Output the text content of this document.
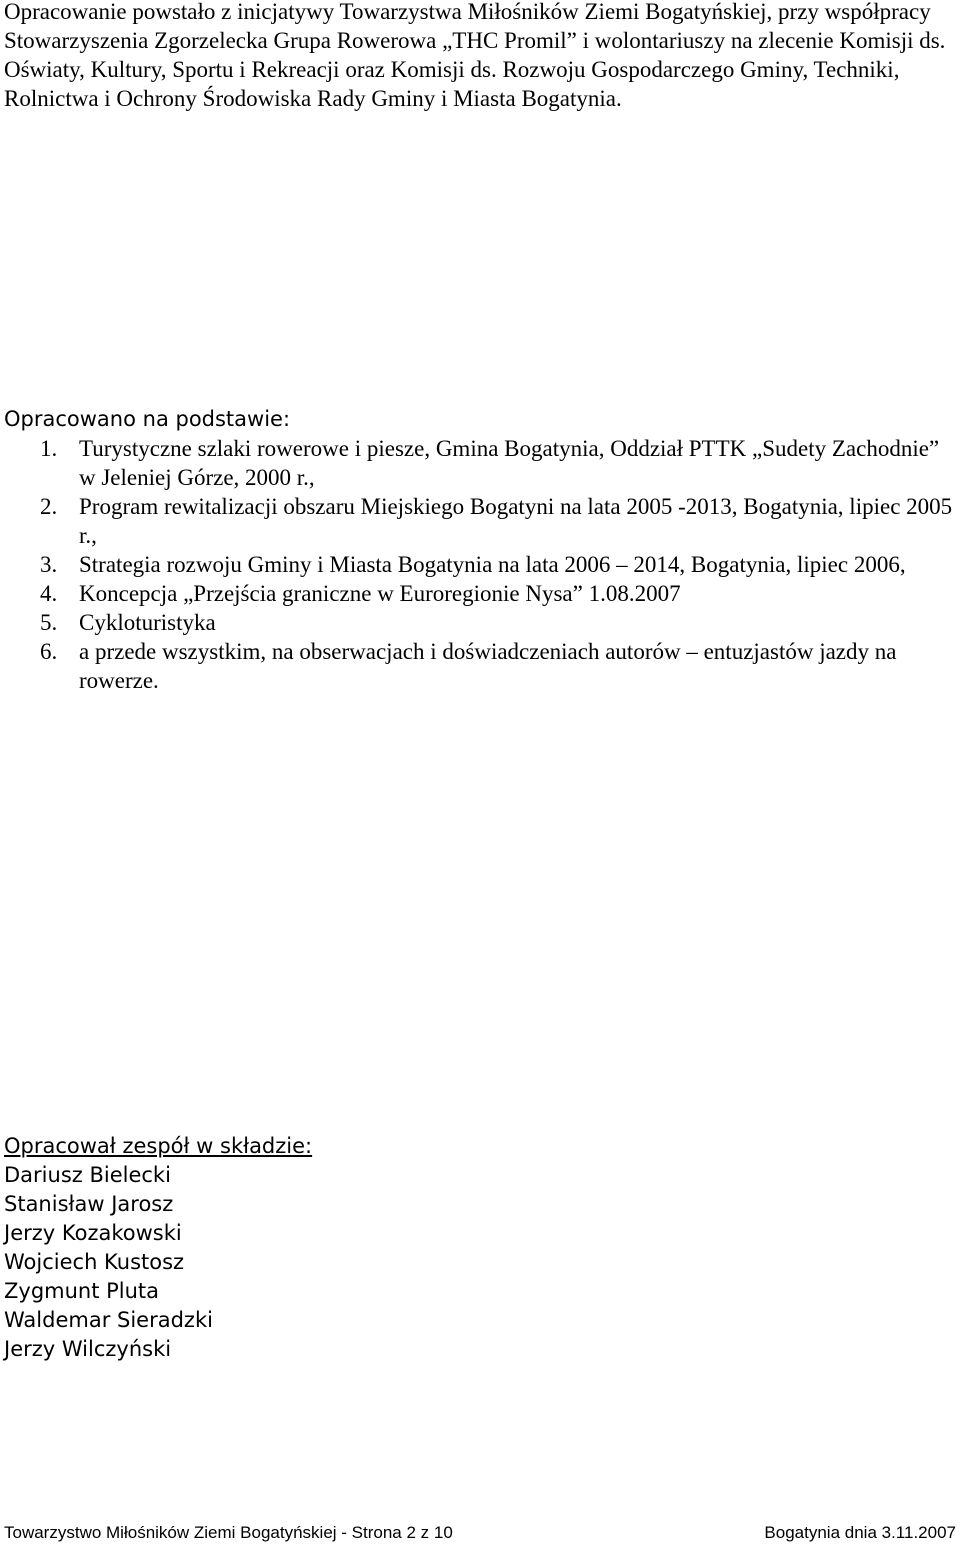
Opracowanie powstało z inicjatywy Towarzystwa Miłośników Ziemi Bogatyńskiej, przy współpracy Stowarzyszenia Zgorzelecka Grupa Rowerowa „THC Promil” i wolontariuszy na zlecenie Komisji ds. Oświaty, Kultury, Sportu i Rekreacji oraz Komisji ds. Rozwoju Gospodarczego Gminy, Techniki, Rolnictwa i Ochrony Środowiska Rady Gminy i Miasta Bogatynia.

Opracowano na podstawie:

1. Turystyczne szlaki rowerowe i piesze, Gmina Bogatynia, Oddział PTTK „Sudety Zachodnie” w Jeleniej Górze, 2000 r.,
2. Program rewitalizacji obszaru Miejskiego Bogatyni na lata 2005 -2013, Bogatynia, lipiec 2005 r.,
3. Strategia rozwoju Gminy i Miasta Bogatynia na lata 2006 – 2014, Bogatynia, lipiec 2006,
4. Koncepcja „Przejścia graniczne w Euroregionie Nysa” 1.08.2007
5. Cykloturistyka
6. a przede wszystkim, na obserwacjach i doświadczeniach autorów – entuzjastów jazdy na rowerze.

Opracował zespół w składzie:

Dariusz Bielecki
Stanisław Jarosz
Jerzy Kozakowski
Wojciech Kustosz
Zygmunt Pluta
Waldemar Sieradzki
Jerzy Wilczyński
Towarzystwo Miłośników Ziemi Bogatyńskiej - Strona 2 z 10	Bogatynia dnia 3.11.2007
